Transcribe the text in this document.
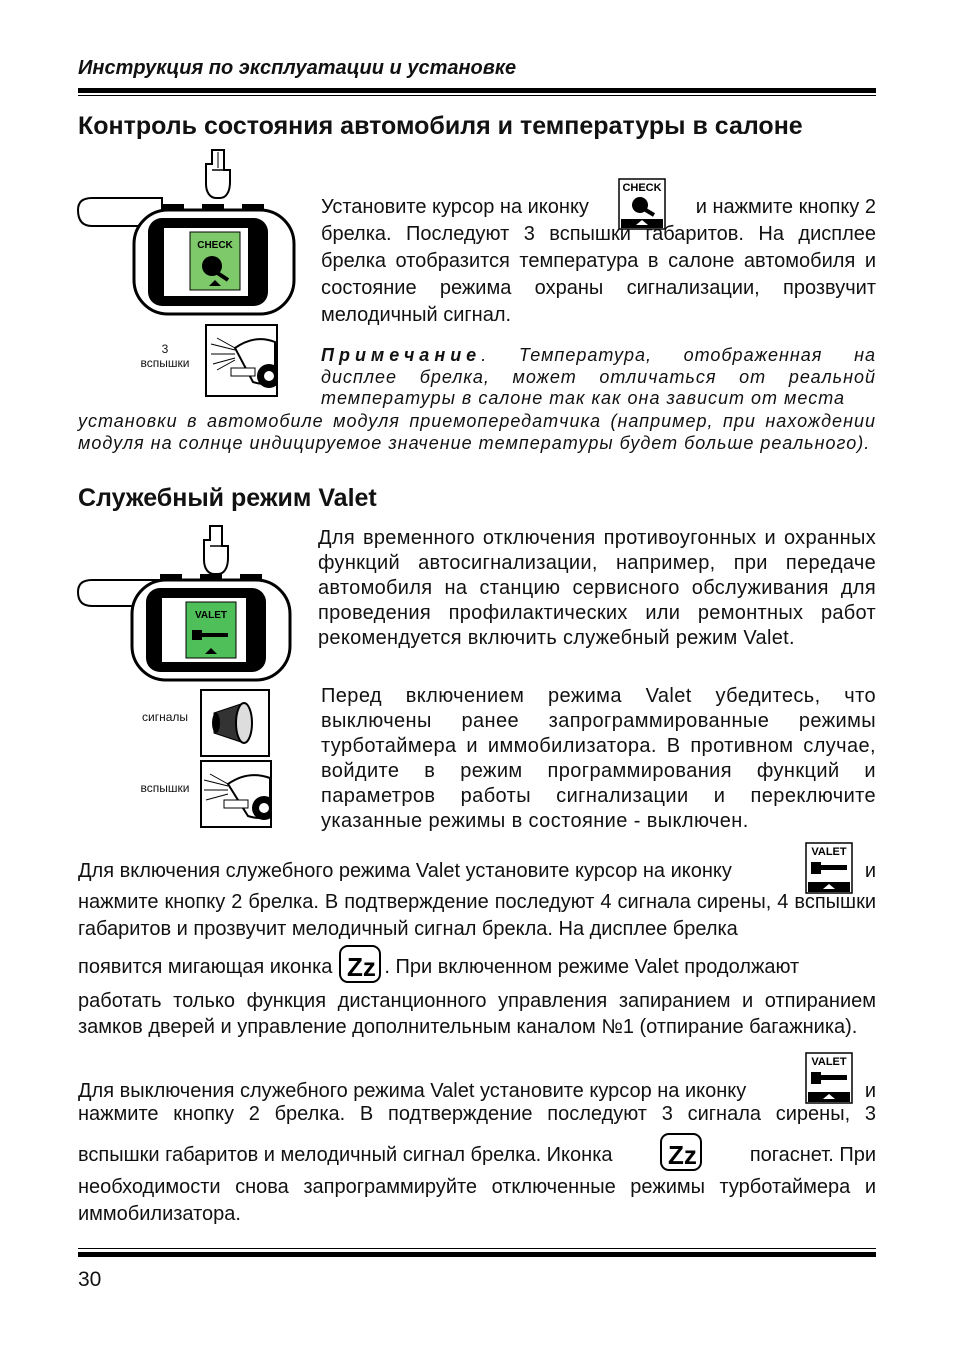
Инструкция по эксплуатации и установке
Контроль состояния автомобиля и температуры в салоне
CHECK
3
вспышки
Установите курсор на иконку
CHECK
и нажмите кнопку 2
брелка. Последуют 3 вспышки габаритов. На дисплее брелка отобразится температура в салоне автомобиля и состояние режима охраны сигнализации, прозвучит мелодичный сигнал.
Примечание. Температура, отображенная на дисплее брелка, может отличаться от реальной температуры в салоне так как она зависит от места
установки в автомобиле модуля приемопередатчика (например, при нахождении модуля на солнце индицируемое значение температуры будет больше реального).
Служебный режим Valet
VALET
сигналы
вспышки
Для временного отключения противоугонных и охранных функций автосигнализации, например, при передаче автомобиля на станцию сервисного обслуживания для проведения профилактических или ремонтных работ рекомендуется включить служебный режим Valet.
Перед включением режима Valet убедитесь, что выключены ранее запрограммированные режимы турботаймера и иммобилизатора. В противном случае, войдите в режим программирования функций и параметров работы сигнализации и переключите указанные режимы в состояние - выключен.
Для включения служебного режима Valet установите курсор на иконку
VALET
и
нажмите кнопку 2 брелка. В подтверждение последуют 4 сигнала сирены, 4 вспышки габаритов и прозвучит мелодичный сигнал брекла. На дисплее брелка
появится мигающая иконка Zz . При включенном режиме Valet продолжают
работать только функция дистанционного управления запиранием и отпиранием замков дверей и управление дополнительным каналом №1 (отпирание багажника).
Для выключения служебного режима Valet установите курсор на иконку
VALET
и
нажмите кнопку 2 брелка. В подтверждение последуют 3 сигнала сирены, 3
вспышки габаритов и мелодичный сигнал брелка. Иконка Zz	погаснет. При
необходимости снова запрограммируйте отключенные режимы турботаймера и иммобилизатора.
30
